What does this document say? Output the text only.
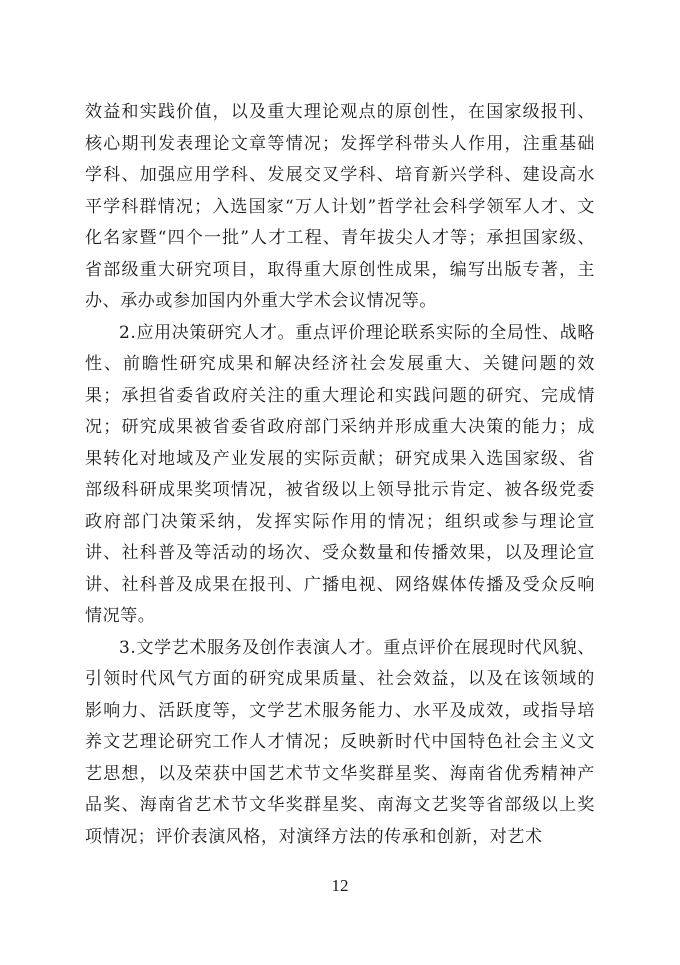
效益和实践价值，以及重大理论观点的原创性，在国家级报刊、核心期刊发表理论文章等情况；发挥学科带头人作用，注重基础学科、加强应用学科、发展交叉学科、培育新兴学科、建设高水平学科群情况；入选国家“万人计划”哲学社会科学领军人才、文化名家暨“四个一批”人才工程、青年拔尖人才等；承担国家级、省部级重大研究项目，取得重大原创性成果，编写出版专著，主办、承办或参加国内外重大学术会议情况等。

2.应用决策研究人才。重点评价理论联系实际的全局性、战略性、前瞻性研究成果和解决经济社会发展重大、关键问题的效果；承担省委省政府关注的重大理论和实践问题的研究、完成情况；研究成果被省委省政府部门采纳并形成重大决策的能力；成果转化对地域及产业发展的实际贡献；研究成果入选国家级、省部级科研成果奖项情况，被省级以上领导批示肯定、被各级党委政府部门决策采纳，发挥实际作用的情况；组织或参与理论宣讲、社科普及等活动的场次、受众数量和传播效果，以及理论宣讲、社科普及成果在报刊、广播电视、网络媒体传播及受众反响情况等。

3.文学艺术服务及创作表演人才。重点评价在展现时代风貌、引领时代风气方面的研究成果质量、社会效益，以及在该领域的影响力、活跃度等，文学艺术服务能力、水平及成效，或指导培养文艺理论研究工作人才情况；反映新时代中国特色社会主义文艺思想，以及荣获中国艺术节文华奖群星奖、海南省优秀精神产品奖、海南省艺术节文华奖群星奖、南海文艺奖等省部级以上奖项情况；评价表演风格，对演绎方法的传承和创新，对艺术

12
